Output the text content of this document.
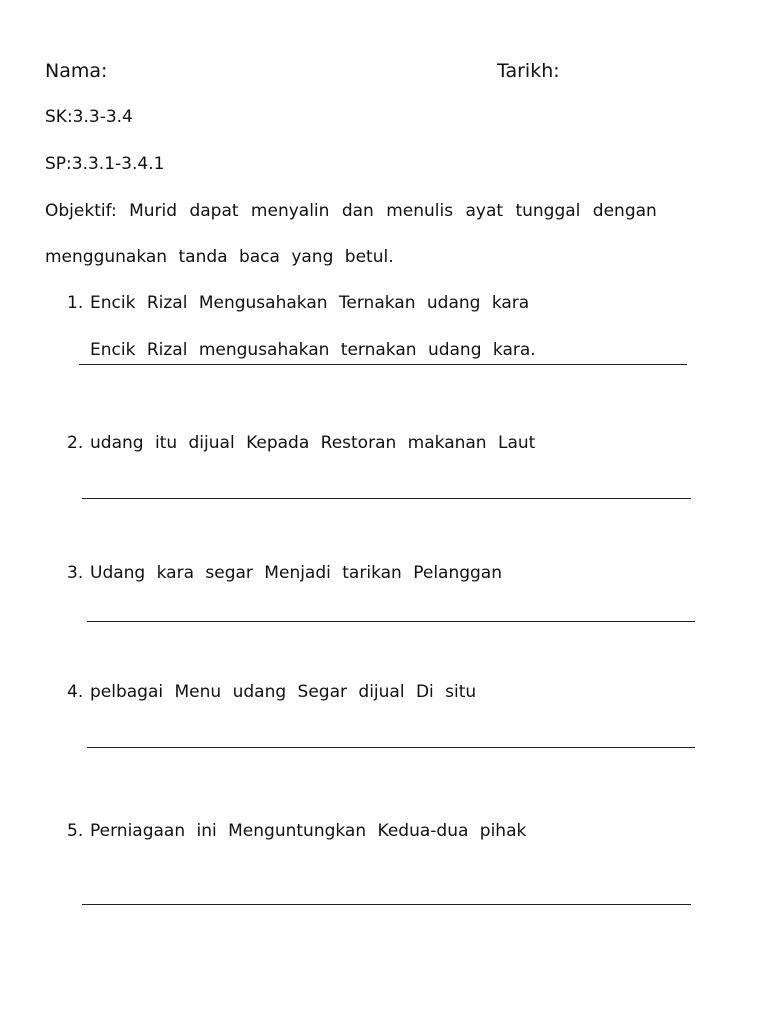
Nama:	Tarikh:
SK:3.3-3.4
SP:3.3.1-3.4.1
Objektif: Murid dapat menyalin dan menulis ayat tunggal dengan
menggunakan tanda baca yang betul.
1. Encik Rizal Mengusahakan Ternakan udang kara
Encik Rizal mengusahakan ternakan udang kara.
2. udang itu dijual Kepada Restoran makanan Laut
3. Udang kara segar Menjadi tarikan Pelanggan
4. pelbagai Menu udang Segar dijual Di situ
5. Perniagaan ini Menguntungkan Kedua-dua pihak
